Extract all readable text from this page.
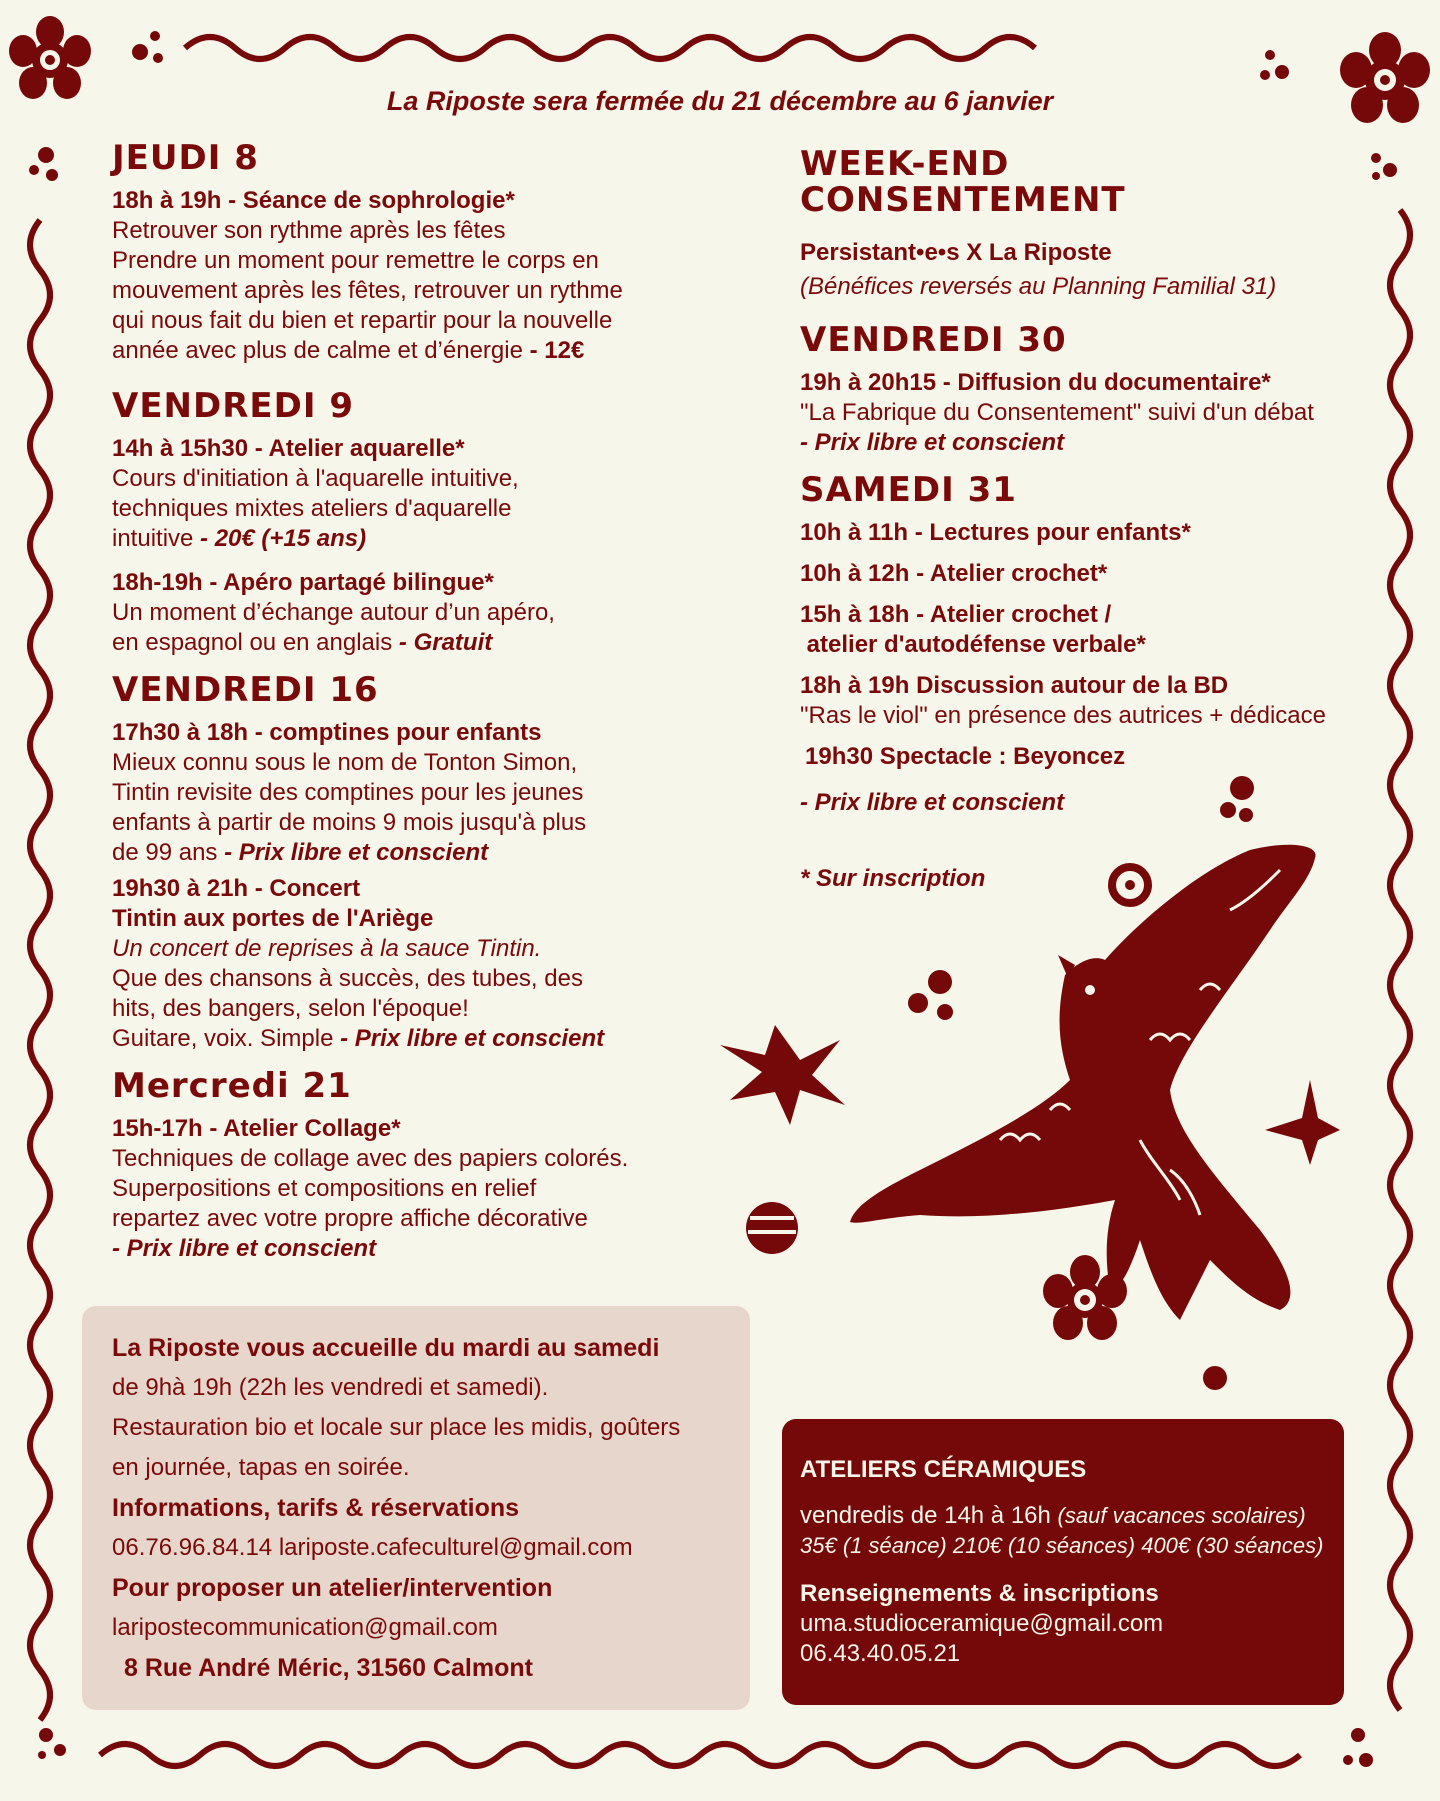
La Riposte sera fermée du 21 décembre au 6 janvier
JEUDI 8
18h à 19h - Séance de sophrologie*
Retrouver son rythme après les fêtes
Prendre un moment pour remettre le corps en
mouvement après les fêtes, retrouver un rythme
qui nous fait du bien et repartir pour la nouvelle
année avec plus de calme et d’énergie - 12€
VENDREDI 9
14h à 15h30 - Atelier aquarelle*
Cours d'initiation à l'aquarelle intuitive,
techniques mixtes ateliers d'aquarelle
intuitive - 20€ (+15 ans)
18h-19h - Apéro partagé bilingue*
Un moment d’échange autour d’un apéro,
en espagnol ou en anglais - Gratuit
VENDREDI 16
17h30 à 18h - comptines pour enfants
Mieux connu sous le nom de Tonton Simon,
Tintin revisite des comptines pour les jeunes
enfants à partir de moins 9 mois jusqu'à plus
de 99 ans - Prix libre et conscient
19h30 à 21h - Concert
Tintin aux portes de l'Ariège
Un concert de reprises à la sauce Tintin.
Que des chansons à succès, des tubes, des
hits, des bangers, selon l'époque!
Guitare, voix. Simple - Prix libre et conscient
Mercredi 21
15h-17h - Atelier Collage*
Techniques de collage avec des papiers colorés.
Superpositions et compositions en relief
repartez avec votre propre affiche décorative
- Prix libre et conscient
WEEK-END
CONSENTEMENT
Persistant•e•s X La Riposte
(Bénéfices reversés au Planning Familial 31)
VENDREDI 30
19h à 20h15 - Diffusion du documentaire*
"La Fabrique du Consentement" suivi d'un débat
- Prix libre et conscient
SAMEDI 31
10h à 11h - Lectures pour enfants*
10h à 12h - Atelier crochet*
15h à 18h - Atelier crochet /
atelier d'autodéfense verbale*
18h à 19h Discussion autour de la BD
"Ras le viol" en présence des autrices + dédicace
19h30 Spectacle : Beyoncez
- Prix libre et conscient
* Sur inscription
La Riposte vous accueille du mardi au samedi
de 9hà 19h (22h les vendredi et samedi).
Restauration bio et locale sur place les midis, goûters
en journée, tapas en soirée.
Informations, tarifs & réservations
06.76.96.84.14 lariposte.cafeculturel@gmail.com
Pour proposer un atelier/intervention
laripostecommunication@gmail.com
8 Rue André Méric, 31560 Calmont
ATELIERS CÉRAMIQUES
vendredis de 14h à 16h (sauf vacances scolaires)
35€ (1 séance) 210€ (10 séances) 400€ (30 séances)
Renseignements & inscriptions
uma.studioceramique@gmail.com
06.43.40.05.21
